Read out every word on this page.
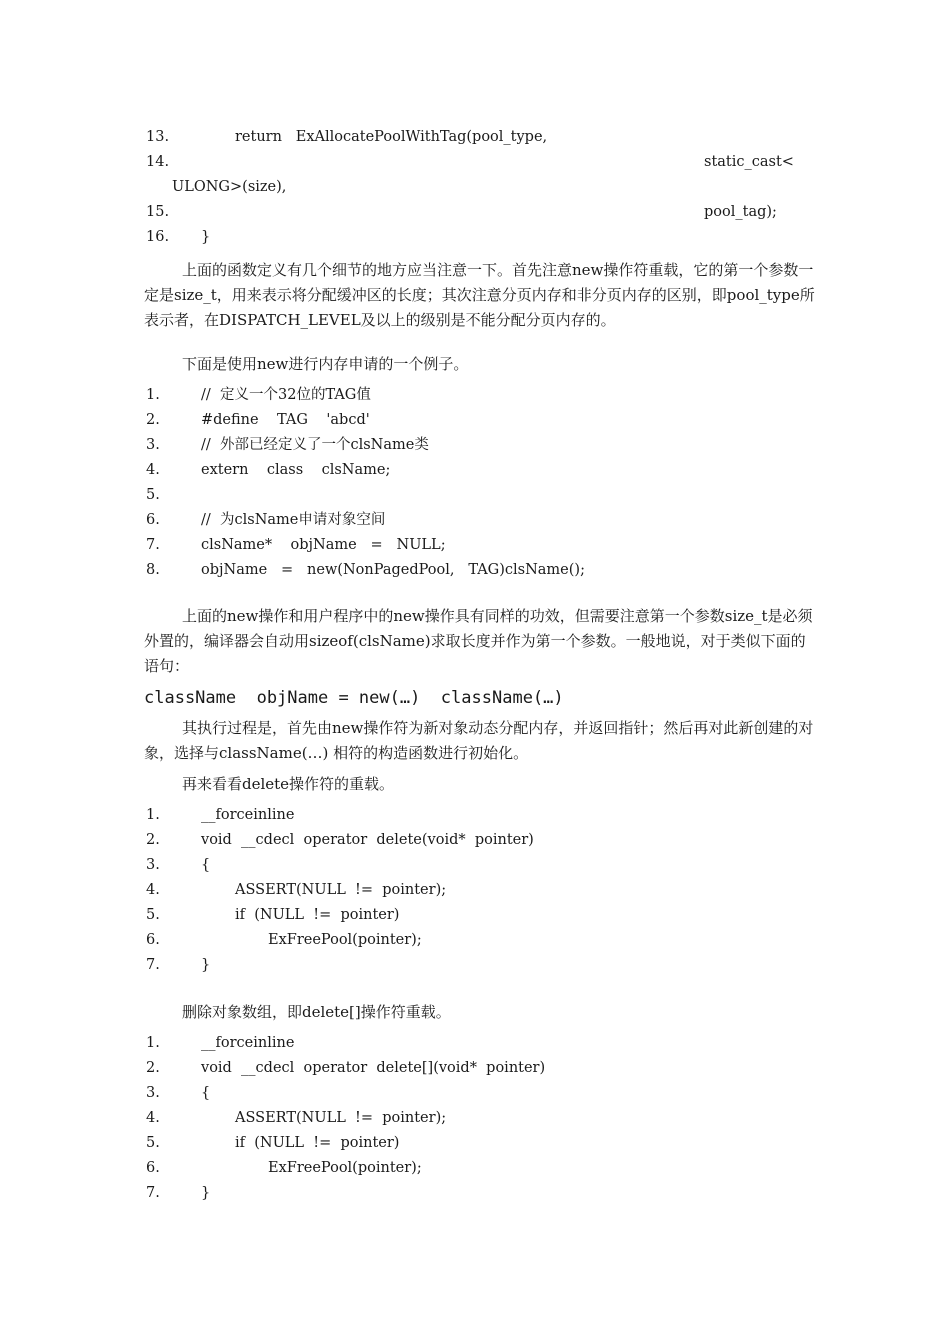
13.	return   ExAllocatePoolWithTag(pool_type,
14.	static_cast<
ULONG>(size),
15.	pool_tag);
16. }

上面的函数定义有几个细节的地方应当注意一下。首先注意new操作符重载，它的第一个参数一定是size_t，用来表示将分配缓冲区的长度；其次注意分页内存和非分页内存的区别，即pool_type所表示者，在DISPATCH_LEVEL及以上的级别是不能分配分页内存的。

下面是使用new进行内存申请的一个例子。

1.	//  定义一个32位的TAG值
2.	#define    TAG    'abcd'
3.	//  外部已经定义了一个clsName类
4.	extern    class    clsName;
5.
6.	//  为clsName申请对象空间
7.	clsName*    objName   =   NULL;
8.	objName   =   new(NonPagedPool,   TAG)clsName();

上面的new操作和用户程序中的new操作具有同样的功效，但需要注意第一个参数size_t是必须外置的，编译器会自动用sizeof(clsName)求取长度并作为第一个参数。一般地说，对于类似下面的语句：

className  objName = new(…)  className(…)

其执行过程是，首先由new操作符为新对象动态分配内存，并返回指针；然后再对此新创建的对象，选择与className(…) 相符的构造函数进行初始化。

再来看看delete操作符的重载。

1.	__forceinline
2.	void  __cdecl  operator  delete(void*  pointer)
3.	{
4.	ASSERT(NULL  !=  pointer);
5.	if  (NULL  !=  pointer)
6.	ExFreePool(pointer);
7.	}

删除对象数组，即delete[]操作符重载。

1.	__forceinline
2.	void  __cdecl  operator  delete[](void*  pointer)
3.	{
4.	ASSERT(NULL  !=  pointer);
5.	if  (NULL  !=  pointer)
6.	ExFreePool(pointer);
7.	}
